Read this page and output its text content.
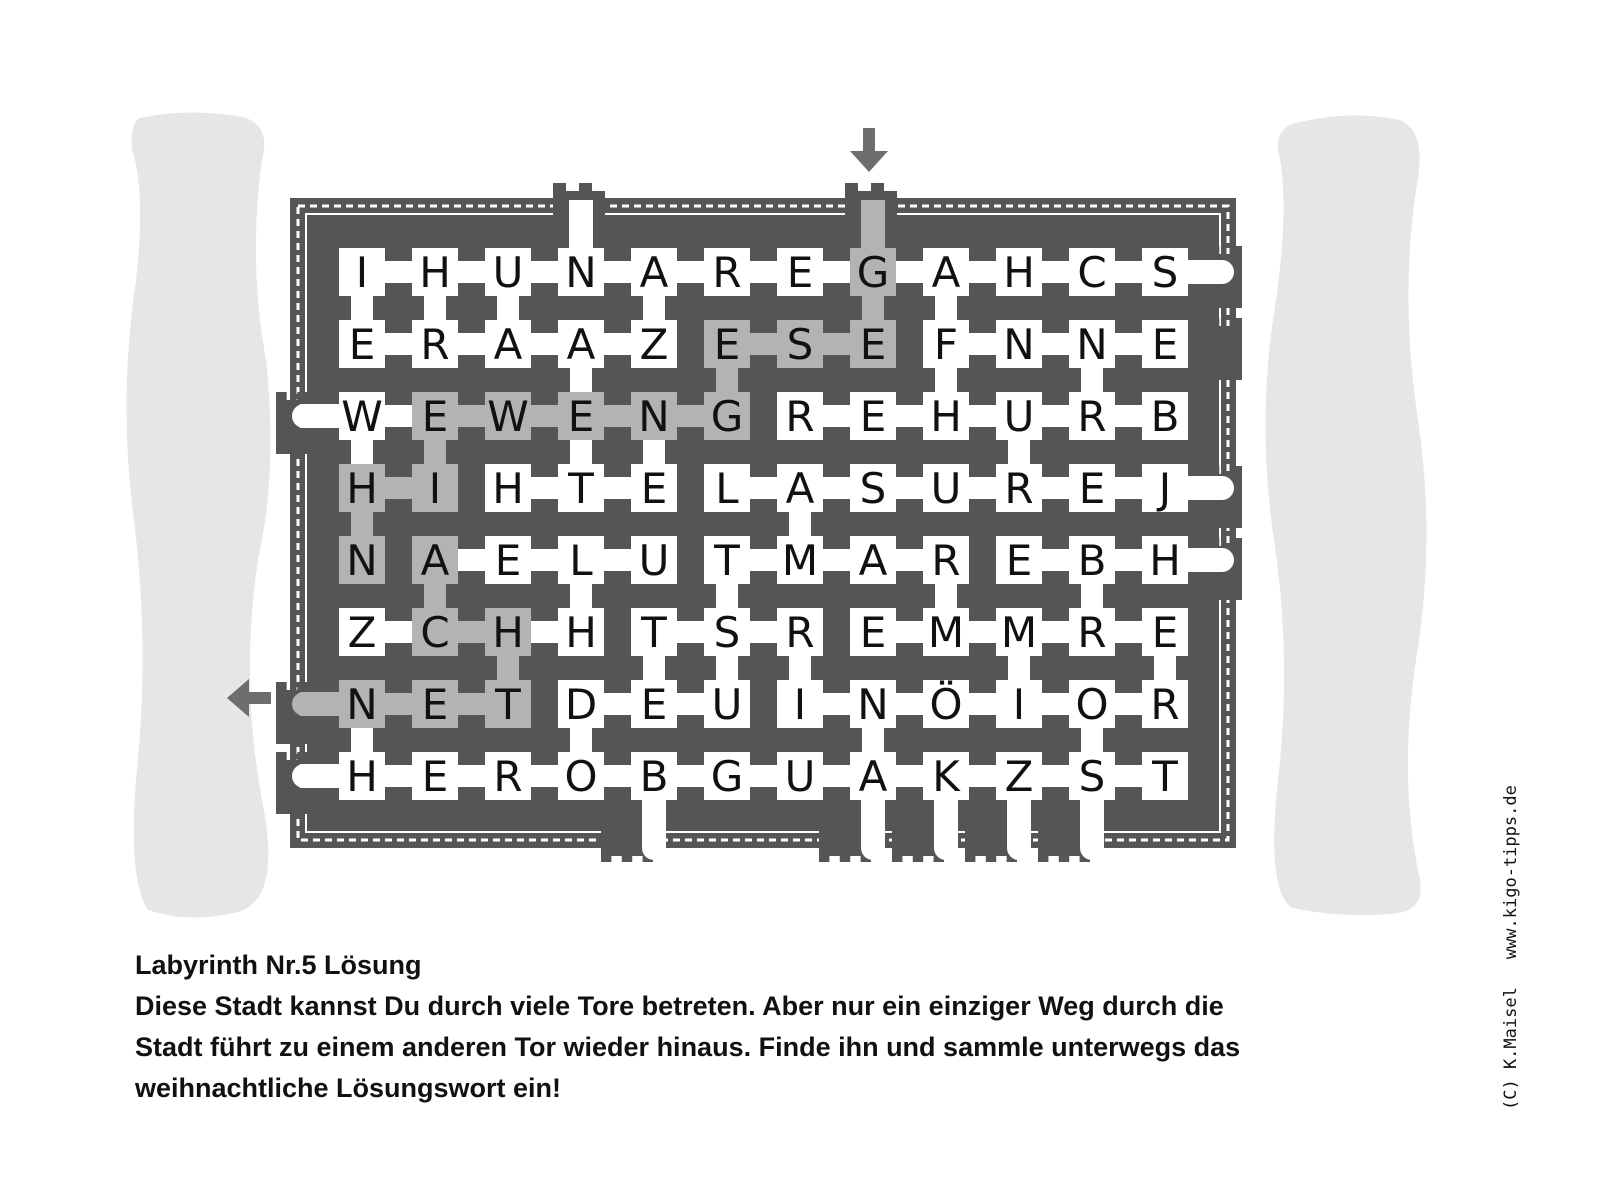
I H U N A R E G A H C S
E R A A Z E S E F N N E
W E W E N G R E H U R B
H I H T E L A S U R E J
N A E L U T M A R E B H
Z C H H T S R E M M R E
N E T D E U I N Ö I O R
H E R O B G U A K Z S T
Labyrinth Nr.5 Lösung
Diese Stadt kannst Du durch viele Tore betreten. Aber nur ein einziger Weg durch die
Stadt führt zu einem anderen Tor wieder hinaus. Finde ihn und sammle unterwegs das
weihnachtliche Lösungswort ein!	(C) K.Maiselwww.kigo-tipps.de
